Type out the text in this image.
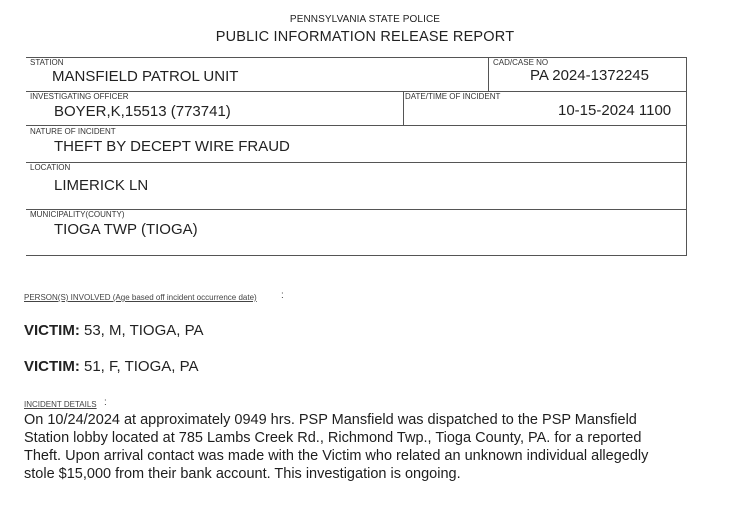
PENNSYLVANIA STATE POLICE
PUBLIC INFORMATION RELEASE REPORT
STATION
MANSFIELD PATROL UNIT
CAD/CASE NO
PA 2024-1372245
INVESTIGATING OFFICER
BOYER,K,15513 (773741)
DATE/TIME OF INCIDENT
10-15-2024 1100
NATURE OF INCIDENT
THEFT BY DECEPT WIRE FRAUD
LOCATION
LIMERICK LN
MUNICIPALITY(COUNTY)
TIOGA TWP (TIOGA)
PERSON(S) INVOLVED (Age based off incident occurrence date) :
VICTIM: 53, M, TIOGA, PA
VICTIM: 51, F, TIOGA, PA
INCIDENT DETAILS :
On 10/24/2024 at approximately 0949 hrs. PSP Mansfield was dispatched to the PSP Mansfield
Station lobby located at 785 Lambs Creek Rd., Richmond Twp., Tioga County, PA. for a reported
Theft. Upon arrival contact was made with the Victim who related an unknown individual allegedly
stole $15,000 from their bank account. This investigation is ongoing.
